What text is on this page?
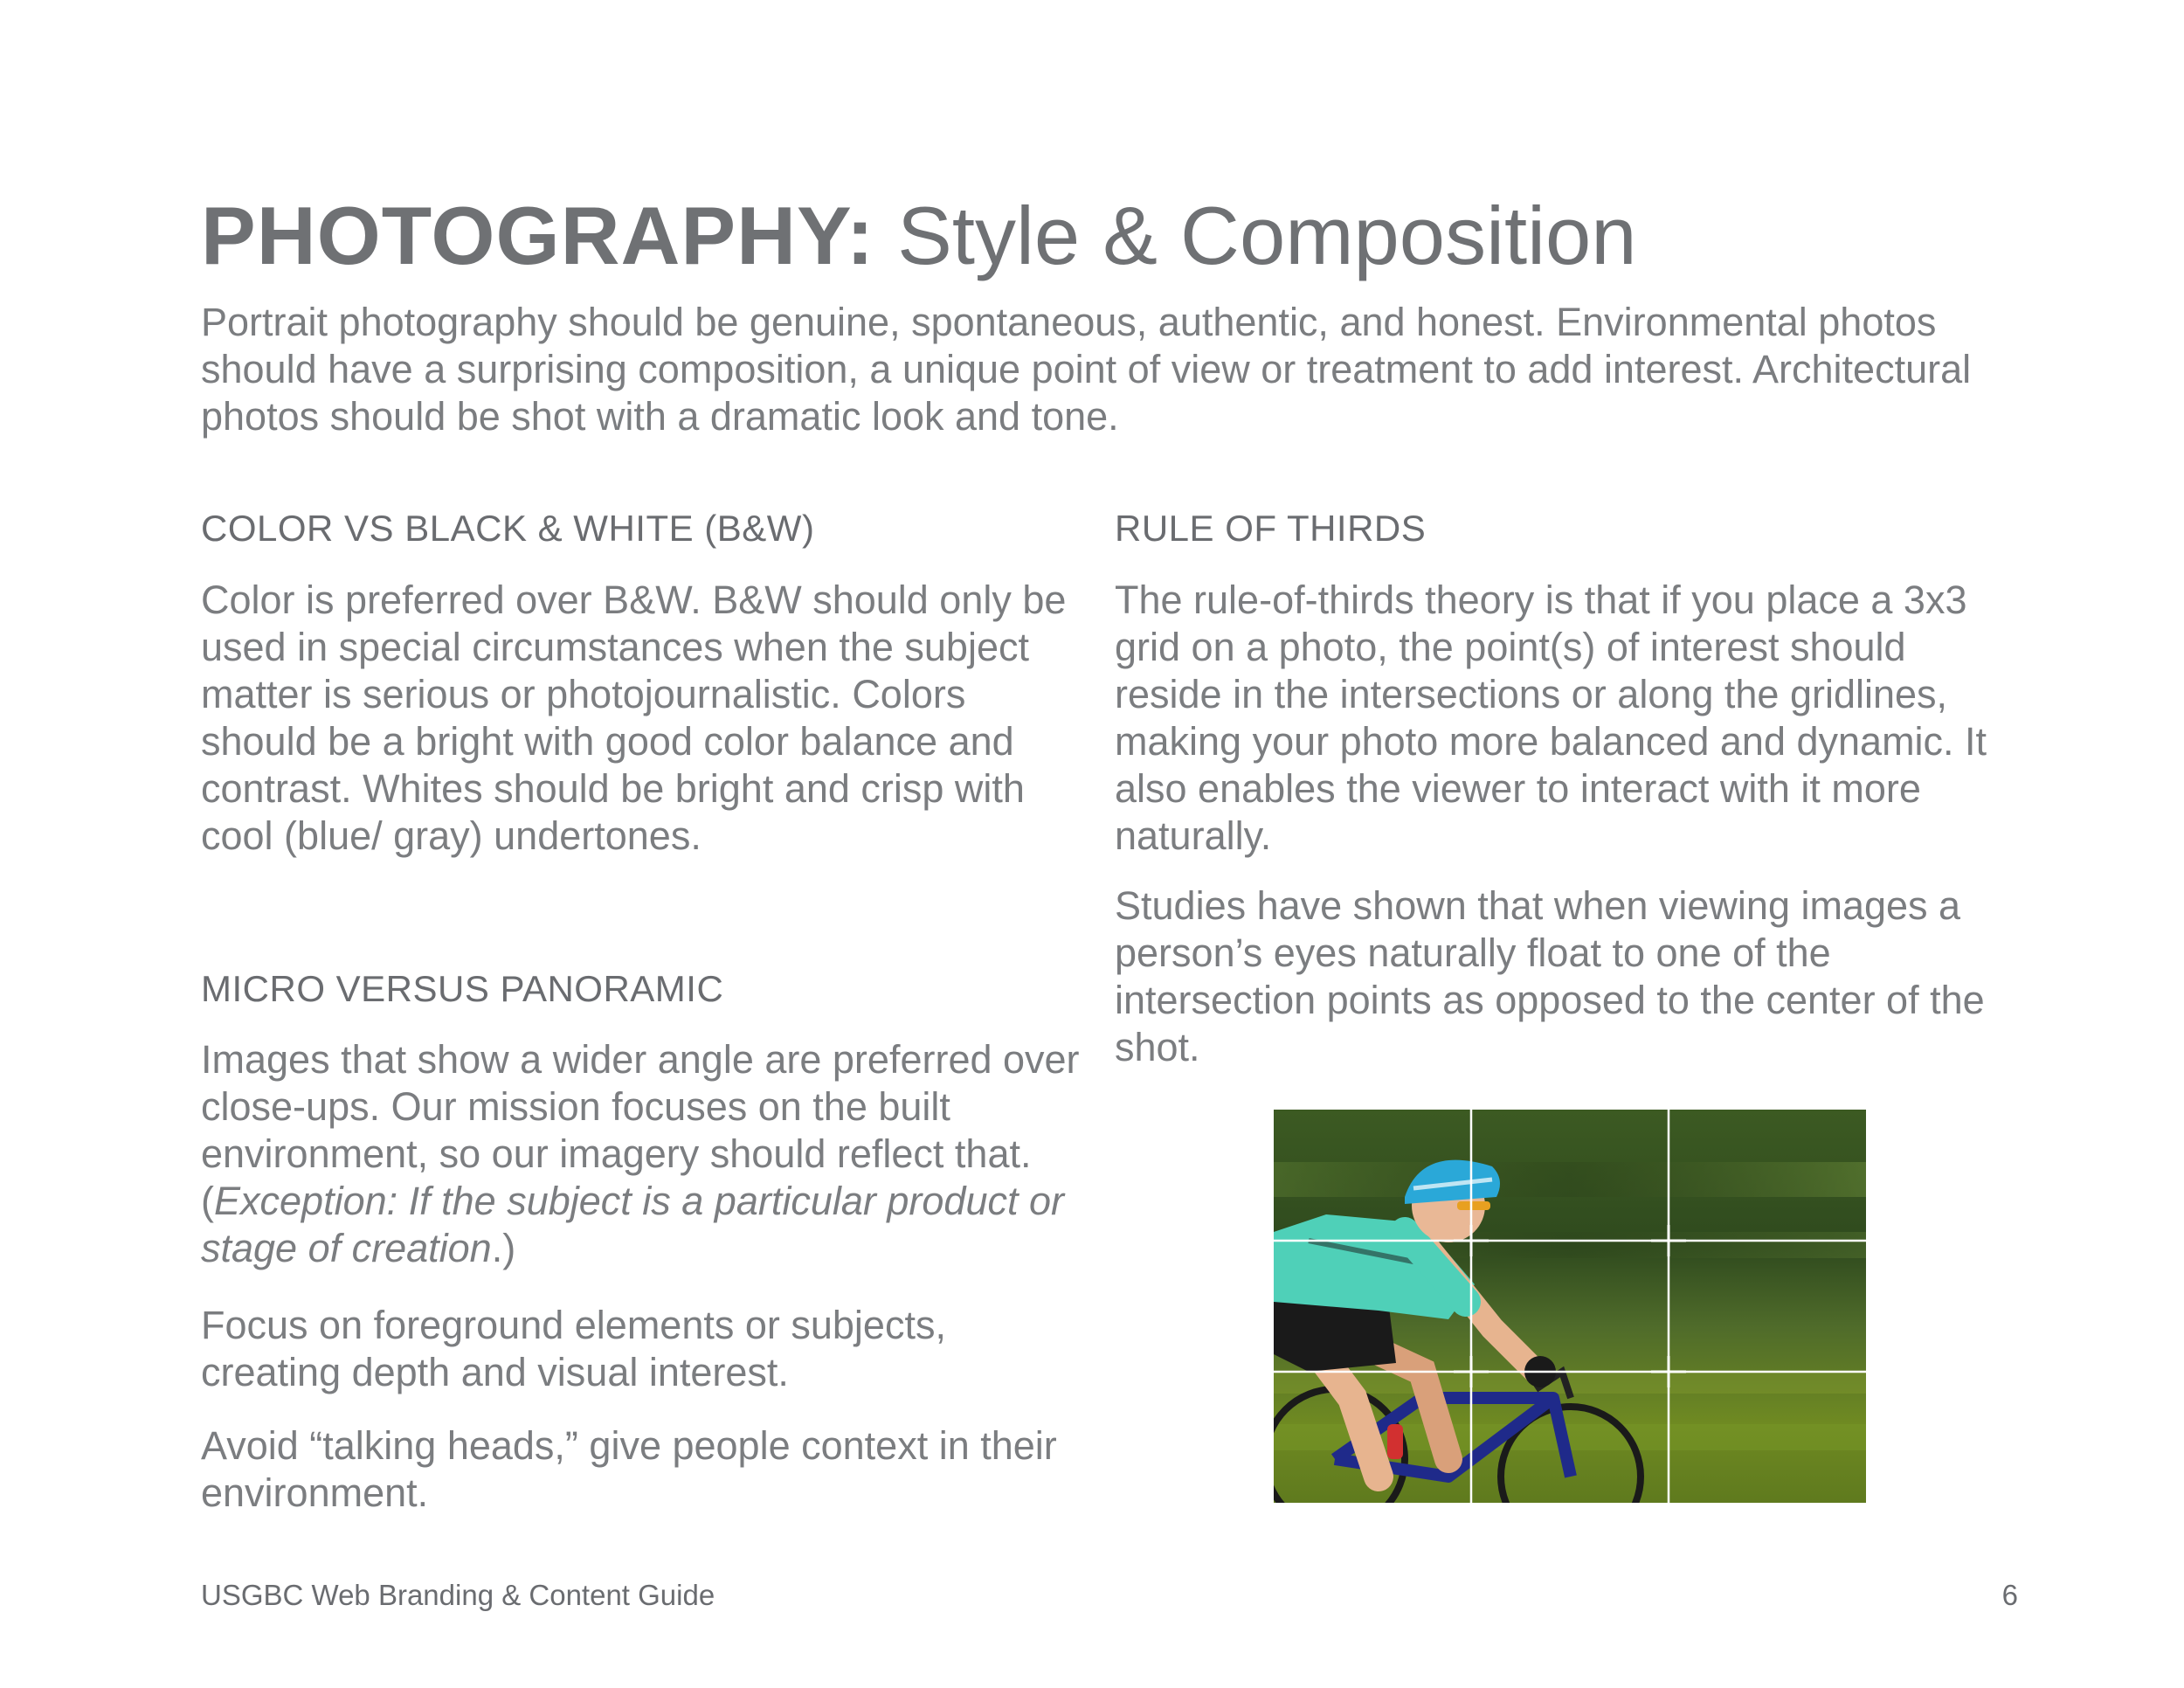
PHOTOGRAPHY: Style & Composition

Portrait photography should be genuine, spontaneous, authentic, and honest. Environmental photos should have a surprising composition, a unique point of view or treatment to add interest. Architectural photos should be shot with a dramatic look and tone.

COLOR VS BLACK & WHITE (B&W)

Color is preferred over B&W. B&W should only be used in special circumstances when the subject matter is serious or photojournalistic. Colors should be a bright with good color balance and contrast. Whites should be bright and crisp with cool (blue/ gray) undertones.

MICRO VERSUS PANORAMIC

Images that show a wider angle are preferred over close-ups. Our mission focuses on the built environment, so our imagery should reflect that. (Exception: If the subject is a particular product or stage of creation.)

Focus on foreground elements or subjects, creating depth and visual interest.

Avoid “talking heads,” give people context in their environment.

RULE OF THIRDS

The rule-of-thirds theory is that if you place a 3x3 grid on a photo, the point(s) of interest should reside in the intersections or along the gridlines, making your photo more balanced and dynamic. It also enables the viewer to interact with it more naturally.

Studies have shown that when viewing images a person’s eyes naturally float to one of the intersection points as opposed to the center of the shot.

USGBC Web Branding & Content Guide	6
